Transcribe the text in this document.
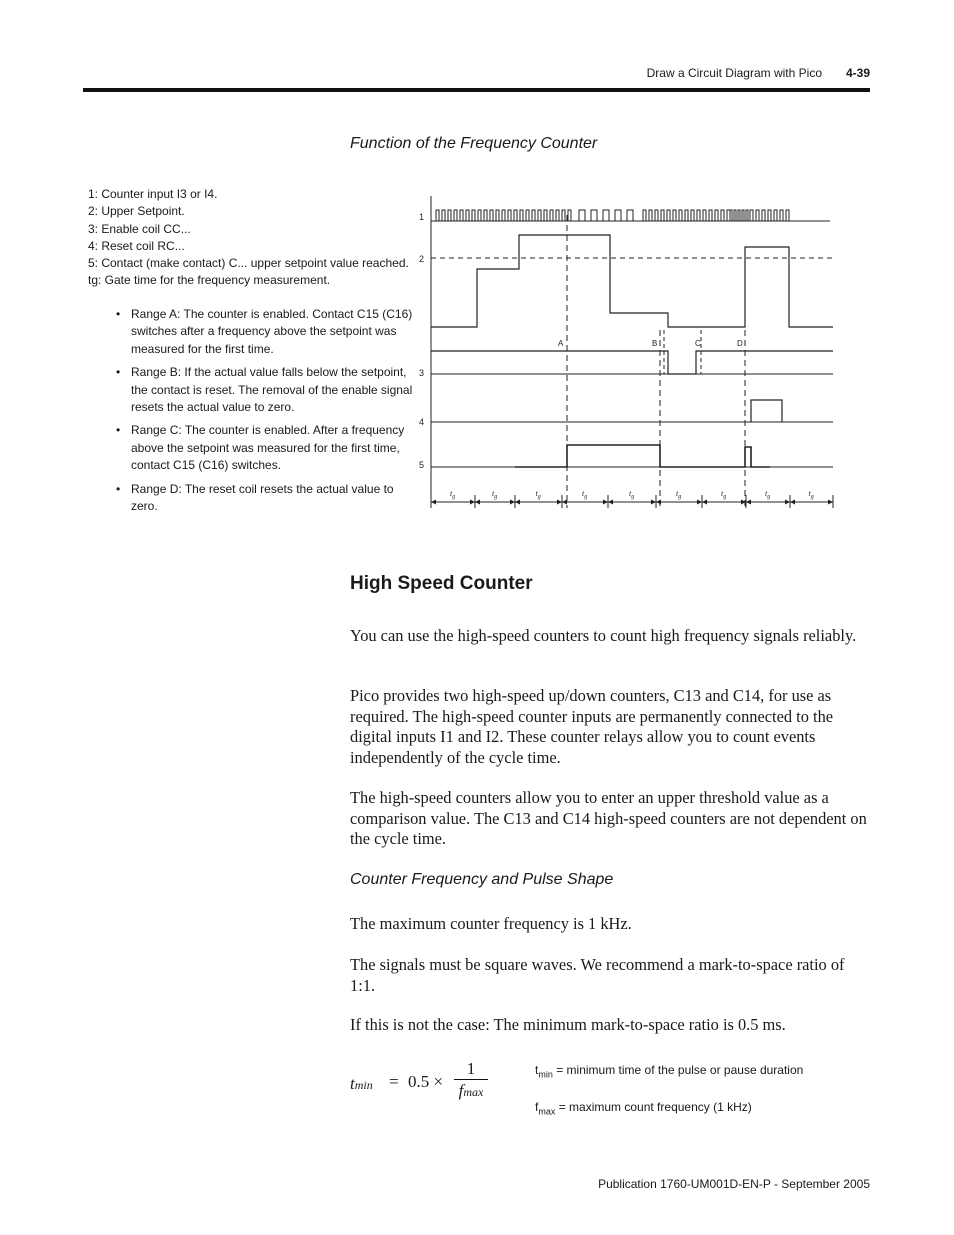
Draw a Circuit Diagram with Pico	4-39
Function of the Frequency Counter
1: Counter input I3 or I4.
2: Upper Setpoint.
3: Enable coil CC...
4: Reset coil RC...
5: Contact (make contact) C... upper setpoint value reached.
tg: Gate time for the frequency measurement.
• Range A: The counter is enabled. Contact C15 (C16) switches after a frequency above the setpoint was measured for the first time.
• Range B: If the actual value falls below the setpoint, the contact is reset. The removal of the enable signal resets the actual value to zero.
• Range C: The counter is enabled. After a frequency above the setpoint was measured for the first time, contact C15 (C16) switches.
• Range D: The reset coil resets the actual value to zero.
1
2
3
4
5
A	B	C	D
$t_g$	$t_g$	$t_g$	$t_g$	$t_g$	$t_g$	$t_g$	$t_g$	$t_g$
High Speed Counter

You can use the high-speed counters to count high frequency signals reliably.

Pico provides two high-speed up/down counters, C13 and C14, for use as required. The high-speed counter inputs are permanently connected to the digital inputs I1 and I2. These counter relays allow you to count events independently of the cycle time.

The high-speed counters allow you to enter an upper threshold value as a comparison value. The C13 and C14 high-speed counters are not dependent on the cycle time.

Counter Frequency and Pulse Shape

The maximum counter frequency is 1 kHz.

The signals must be square waves. We recommend a mark-to-space ratio of 1:1.

If this is not the case: The minimum mark-to-space ratio is 0.5 ms.

tmin = 0.5 ×
1
fmax
$t_{min}$ = minimum time of the pulse or pause duration
$f_{max}$ = maximum count frequency (1 kHz)
Publication 1760-UM001D-EN-P - September 2005
